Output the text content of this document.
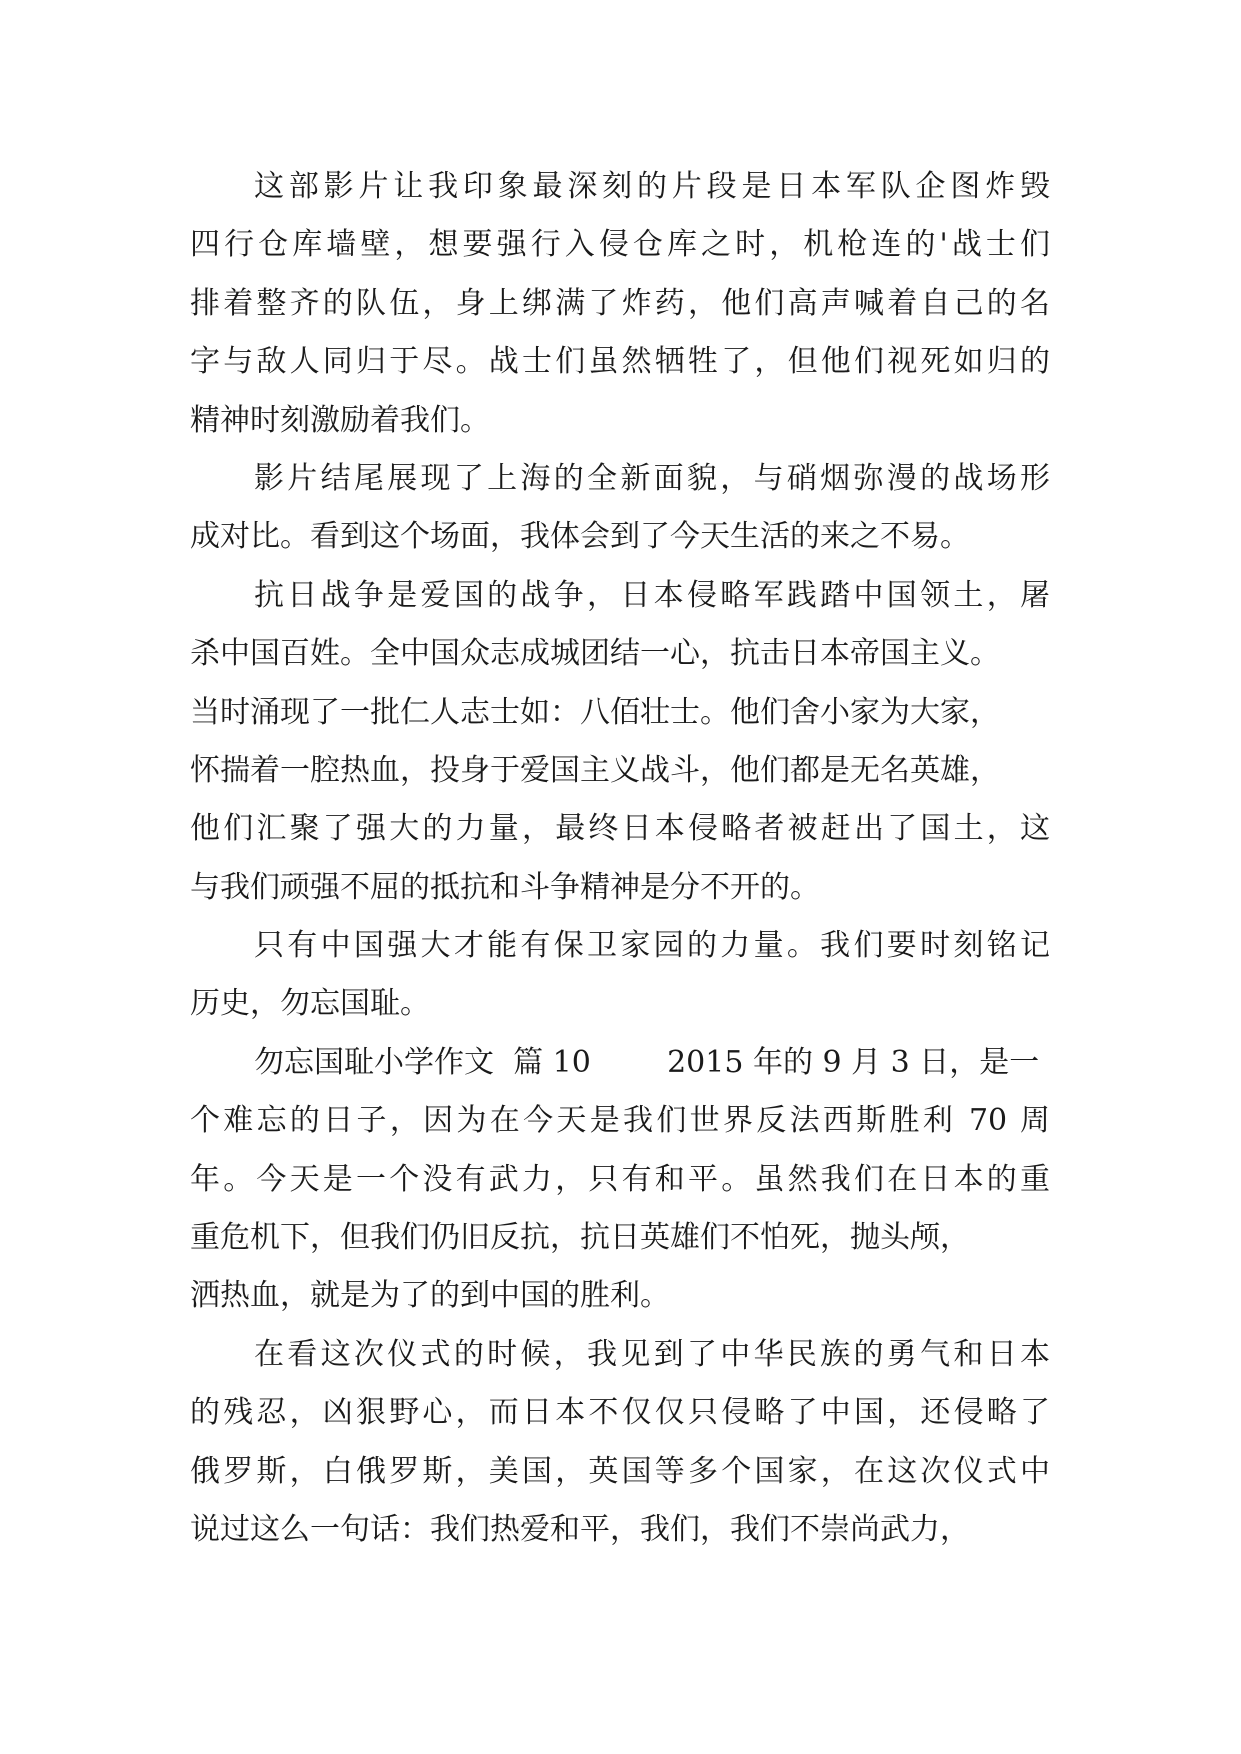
这部影片让我印象最深刻的片段是日本军队企图炸毁
四行仓库墙壁，想要强行入侵仓库之时，机枪连的'战士们
排着整齐的队伍，身上绑满了炸药，他们高声喊着自己的名
字与敌人同归于尽。战士们虽然牺牲了，但他们视死如归的
精神时刻激励着我们。
影片结尾展现了上海的全新面貌，与硝烟弥漫的战场形
成对比。看到这个场面，我体会到了今天生活的来之不易。
抗日战争是爱国的战争，日本侵略军践踏中国领土，屠
杀中国百姓。全中国众志成城团结一心，抗击日本帝国主义。
当时涌现了一批仁人志士如：八佰壮士。他们舍小家为大家，
怀揣着一腔热血，投身于爱国主义战斗，他们都是无名英雄，
他们汇聚了强大的力量，最终日本侵略者被赶出了国土，这
与我们顽强不屈的抵抗和斗争精神是分不开的。
只有中国强大才能有保卫家园的力量。我们要时刻铭记
历史，勿忘国耻。
勿忘国耻小学作文  篇 10        2015 年的 9 月 3 日，是一
个难忘的日子，因为在今天是我们世界反法西斯胜利 70 周
年。今天是一个没有武力，只有和平。虽然我们在日本的重
重危机下，但我们仍旧反抗，抗日英雄们不怕死，抛头颅，
洒热血，就是为了的到中国的胜利。
在看这次仪式的时候，我见到了中华民族的勇气和日本
的残忍，凶狠野心，而日本不仅仅只侵略了中国，还侵略了
俄罗斯，白俄罗斯，美国，英国等多个国家，在这次仪式中
说过这么一句话：我们热爱和平，我们，我们不崇尚武力，
